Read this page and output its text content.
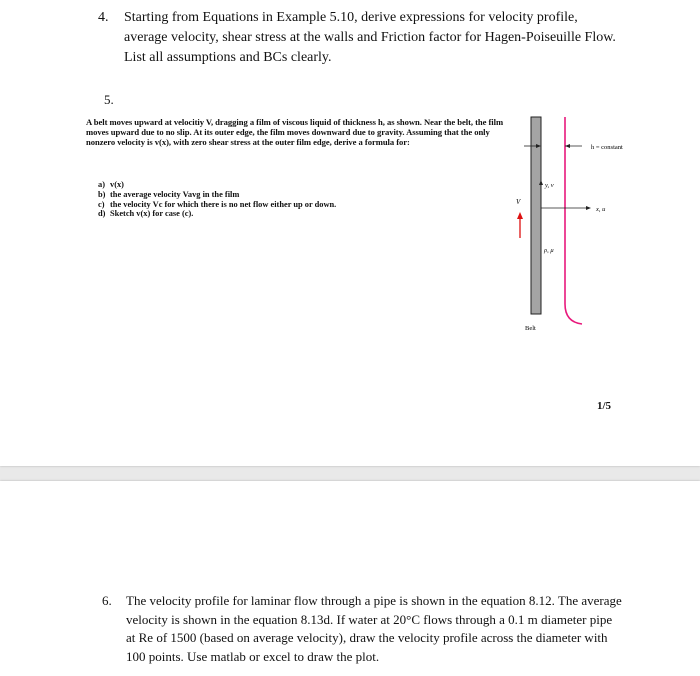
4. Starting from Equations in Example 5.10, derive expressions for velocity profile, average velocity, shear stress at the walls and Friction factor for Hagen-Poiseuille Flow. List all assumptions and BCs clearly.
5.
A belt moves upward at velocitiy V, dragging a film of viscous liquid of thickness h, as shown. Near the belt, the film moves upward due to no slip. At its outer edge, the film moves downward due to gravity. Assuming that the only nonzero velocity is v(x), with zero shear stress at the outer film edge, derive a formula for:
a) v(x)
b) the average velocity Vavg in the film
c) the velocity Vc for which there is no net flow either up or down.
d) Sketch v(x) for case (c).
h = constant
y, v
x, u
V
ρ, μ
Belt
1/5
6. The velocity profile for laminar flow through a pipe is shown in the equation 8.12. The average velocity is shown in the equation 8.13d. If water at 20°C flows through a 0.1 m diameter pipe at Re of 1500 (based on average velocity), draw the velocity profile across the diameter with 100 points. Use matlab or excel to draw the plot.
